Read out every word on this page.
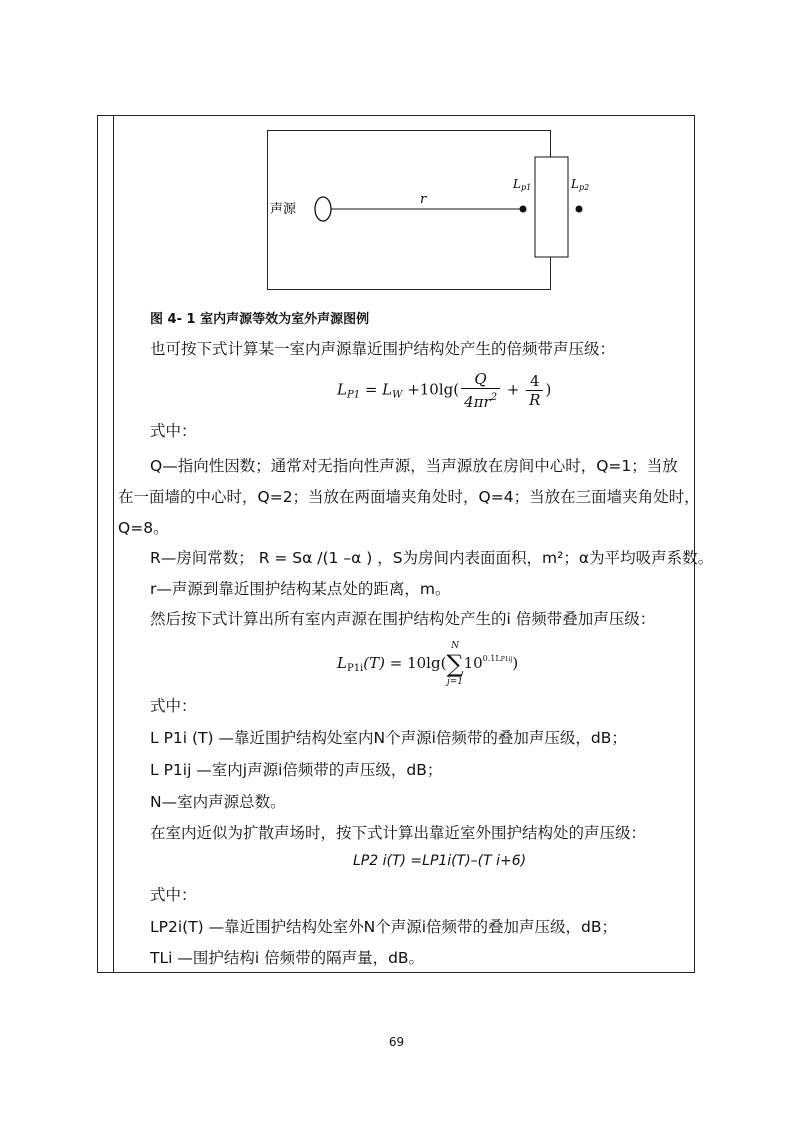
声源
r
Lp1	Lp2
图 4- 1 室内声源等效为室外声源图例
也可按下式计算某一室内声源靠近围护结构处产生的倍频带声压级：
$L_{P1} = L_W +10\lg( \frac{Q}{4\pi r^2} + \frac{4}{R}$ )
式中：
Q—指向性因数；通常对无指向性声源，当声源放在房间中心时，Q=1；当放
在一面墙的中心时，Q=2；当放在两面墙夹角处时，Q=4；当放在三面墙夹角处时，
Q=8。
R—房间常数； R = Sα /(1 –α ) ，S为房间内表面面积，m²；α为平均吸声系数。
r—声源到靠近围护结构某点处的距离，m。
然后按下式计算出所有室内声源在围护结构处产生的i 倍频带叠加声压级：
$L_{P1i}(T) = 10\lg$(
N
∑
j=1
$10^{0.1LP1ij}$)
式中：
L P1i (T) —靠近围护结构处室内N个声源i倍频带的叠加声压级，dB；
L P1ij —室内j声源i倍频带的声压级，dB；
N—室内声源总数。
在室内近似为扩散声场时，按下式计算出靠近室外围护结构处的声压级：
LP2 i(T) =LP1i(T)–(T i+6)
式中：
LP2i(T) —靠近围护结构处室外N个声源i倍频带的叠加声压级，dB；
TLi —围护结构i 倍频带的隔声量，dB。
69
